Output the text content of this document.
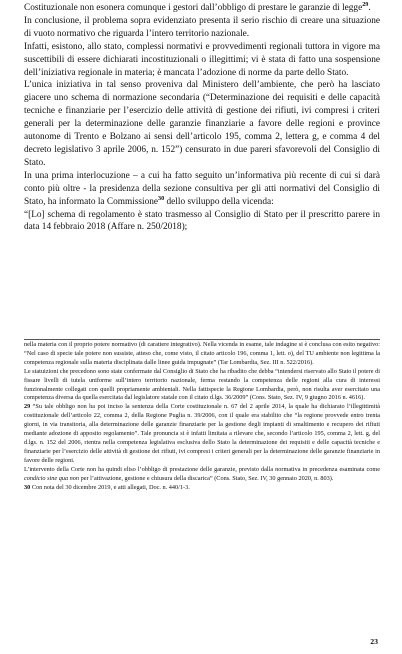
Costituzionale non esonera comunque i gestori dall’obbligo di prestare le garanzie di legge$^{29}$.

In conclusione, il problema sopra evidenziato presenta il serio rischio di creare una situazione di vuoto normativo che riguarda l’intero territorio nazionale.

Infatti, esistono, allo stato, complessi normativi e provvedimenti regionali tuttora in vigore ma suscettibili di essere dichiarati incostituzionali o illegittimi; vi è stata di fatto una sospensione dell’iniziativa regionale in materia; è mancata l’adozione di norme da parte dello Stato.

L’unica iniziativa in tal senso proveniva dal Ministero dell’ambiente, che però ha lasciato giacere uno schema di normazione secondaria (“Determinazione dei requisiti e delle capacità tecniche e finanziarie per l’esercizio delle attività di gestione dei rifiuti, ivi compresi i criteri generali per la determinazione delle garanzie finanziarie a favore delle regioni e province autonome di Trento e Bolzano ai sensi dell’articolo 195, comma 2, lettera g, e comma 4 del decreto legislativo 3 aprile 2006, n. 152”) censurato in due pareri sfavorevoli del Consiglio di Stato.

In una prima interlocuzione – a cui ha fatto seguito un’informativa più recente di cui si darà conto più oltre - la presidenza della sezione consultiva per gli atti normativi del Consiglio di Stato, ha informato la Commissione$^{30}$ dello sviluppo della vicenda:

“[Lo] schema di regolamento è stato trasmesso al Consiglio di Stato per il prescritto parere in data 14 febbraio 2018 (Affare n. 250/2018);

nella materia con il proprio potere normativo (di carattere integrativo). Nella vicenda in esame, tale indagine si è conclusa con esito negativo: “Nel caso di specie tale potere non sussiste, atteso che, come visto, il citato articolo 196, comma 1, lett. o), del TU ambiente non legittima la competenza regionale sulla materia disciplinata dalle linee guida impugnate” (Tar Lombardia, Sez. III n. 522/2016).

Le statuizioni che precedono sono state confermate dal Consiglio di Stato che ha ribadito che debba “intendersi riservato allo Stato il potere di fissare livelli di tutela uniforme sull’intero territorio nazionale, ferma restando la competenza delle regioni alla cura di interessi funzionalmente collegati con quelli propriamente ambientali. Nella fattispecie la Regione Lombardia, però, non risulta aver esercitato una competenza diversa da quella esercitata dal legislatore statale con il citato d.lgs. 36/2009” (Cons. Stato, Sez. IV, 9 giugno 2016 n. 4616).

29 “Su tale obbligo non ha poi inciso la sentenza della Corte costituzionale n. 67 del 2 aprile 2014, la quale ha dichiarato l’illegittimità costituzionale dell’articolo 22, comma 2, della Regione Puglia n. 39/2006, con il quale era stabilito che “la regione provvede entro trenta giorni, in via transitoria, alla determinazione delle garanzie finanziarie per la gestione degli impianti di smaltimento e recupero dei rifiuti mediante adozione di apposito regolamento”. Tale pronuncia si è infatti limitata a rilevare che, secondo l’articolo 195, comma 2, lett. g, del d.lgs. n. 152 del 2006, rientra nella competenza legislativa esclusiva dello Stato la determinazione dei requisiti e delle capacità tecniche e finanziarie per l’esercizio delle attività di gestione dei rifiuti, ivi compresi i criteri generali per la determinazione delle garanzie finanziarie in favore delle regioni.

L’intervento della Corte non ha quindi eliso l’obbligo di prestazione delle garanzie, previsto dalla normativa in precedenza esaminata come condicio sine qua non per l’attivazione, gestione e chiusura della discarica” (Cons. Stato, Sez. IV, 30 gennaio 2020, n. 803).

30 Con nota del 30 dicembre 2019, e atti allegati, Doc. n. 440/1-3.

23
